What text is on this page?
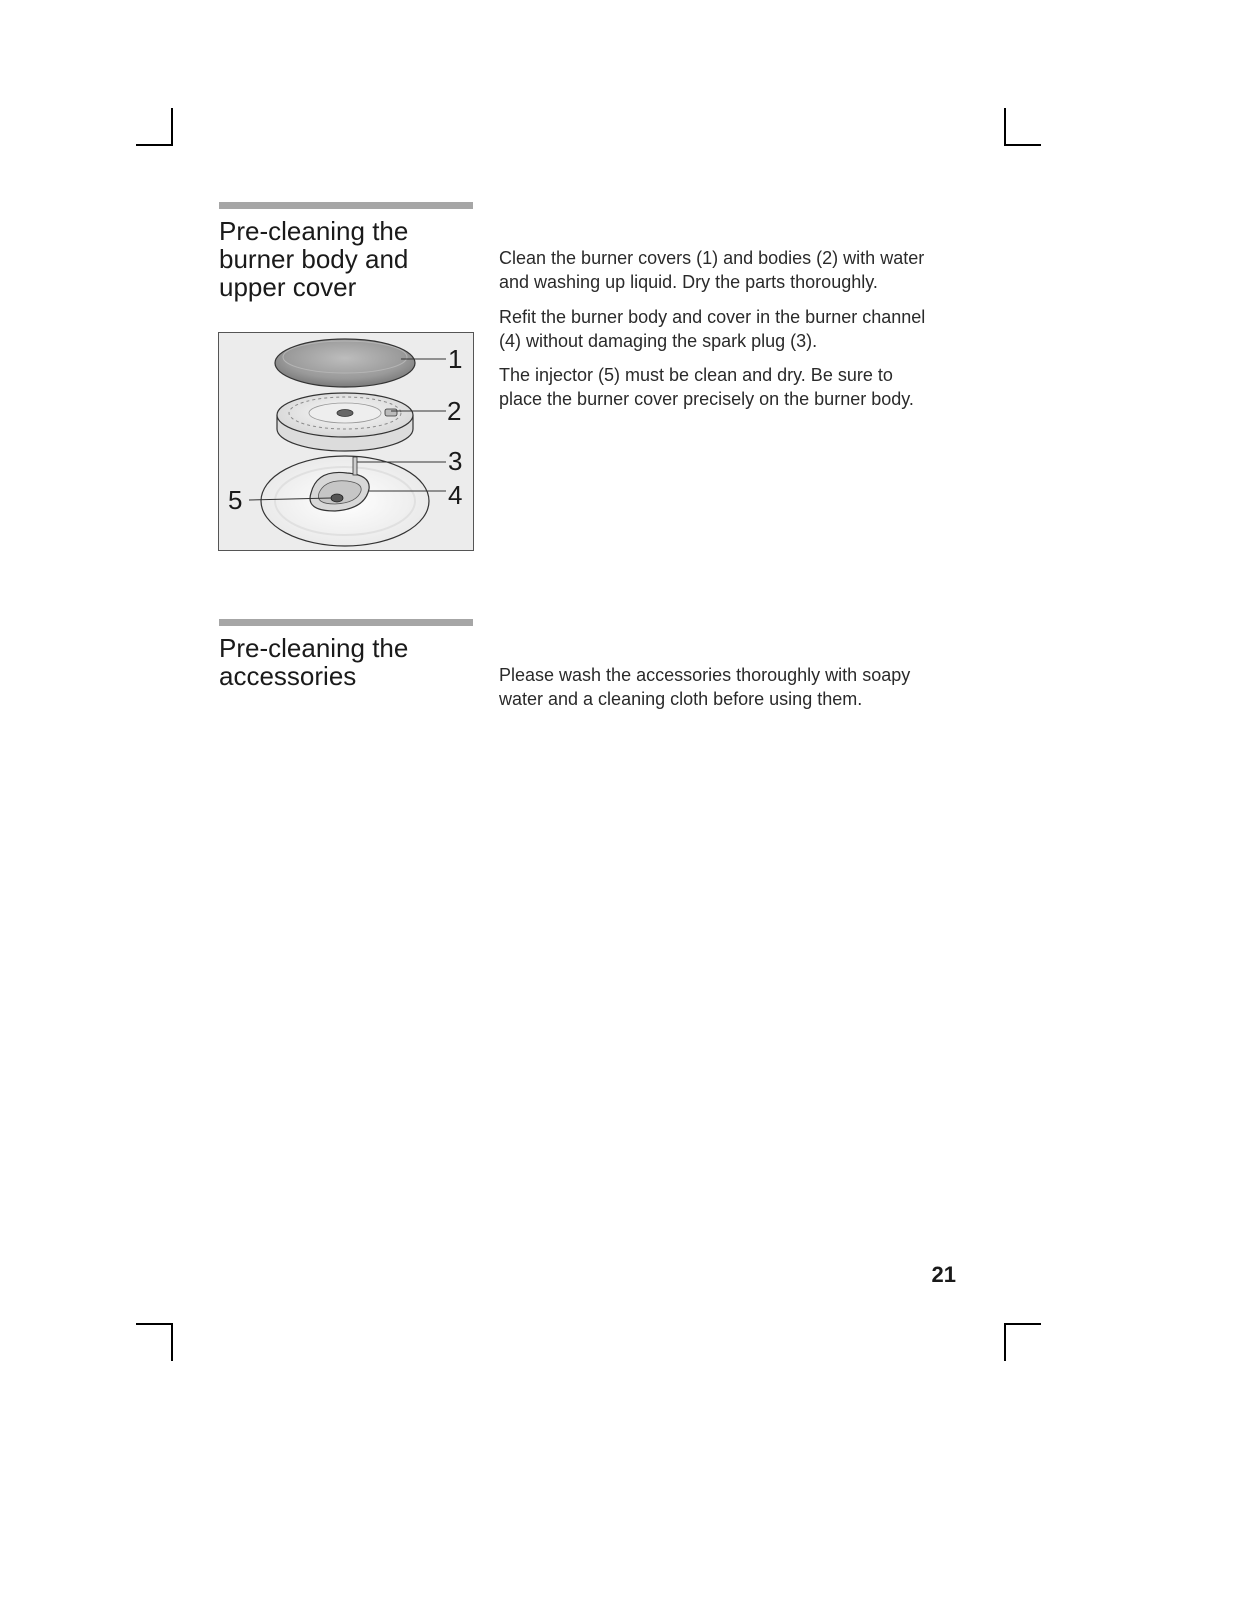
Pre-cleaning the
burner body and
upper cover

Clean the burner covers (1) and bodies (2) with water
and washing up liquid. Dry the parts thoroughly.

Refit the burner body and cover in the burner channel
(4) without damaging the spark plug (3).

The injector (5) must be clean and dry. Be sure to
place the burner cover precisely on the burner body.

1
2
3
4
5
Pre-cleaning the
accessories	Please wash the accessories thoroughly with soapy
water and a cleaning cloth before using them.

21
